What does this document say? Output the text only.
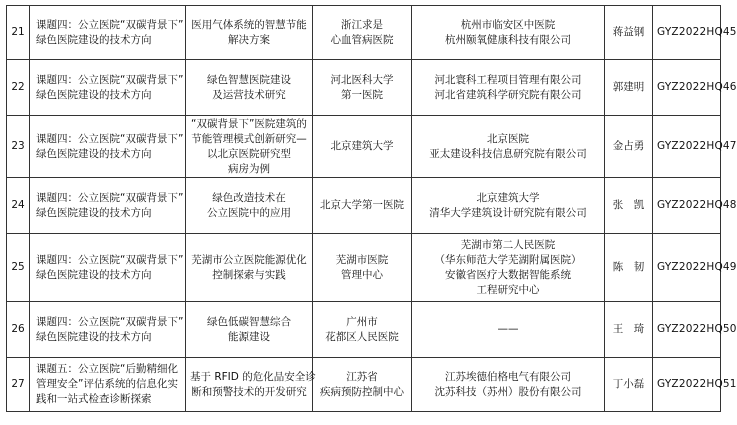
21	课题四：公立医院“双碳背景下”
绿色医院建设的技术方向	医用气体系统的智慧节能
解决方案	浙江求是
心血管病医院	杭州市临安区中医院
杭州颐氧健康科技有限公司	蒋益钢	GYZ2022HQ45
22	课题四：公立医院“双碳背景下”
绿色医院建设的技术方向	绿色智慧医院建设
及运营技术研究	河北医科大学
第一医院	河北寰科工程项目管理有限公司
河北省建筑科学研究院有限公司	郭建明	GYZ2022HQ46
23	课题四：公立医院“双碳背景下”
绿色医院建设的技术方向	“双碳背景下”医院建筑的
节能管理模式创新研究—
以北京医院研究型
病房为例	北京建筑大学	北京医院
亚太建设科技信息研究院有限公司	金占勇	GYZ2022HQ47
24	课题四：公立医院“双碳背景下”
绿色医院建设的技术方向	绿色改造技术在
公立医院中的应用	北京大学第一医院	北京建筑大学
清华大学建筑设计研究院有限公司	张　凯	GYZ2022HQ48
25	课题四：公立医院“双碳背景下”
绿色医院建设的技术方向	芜湖市公立医院能源优化
控制探索与实践	芜湖市医院
管理中心	芜湖市第二人民医院
（华东师范大学芜湖附属医院）
安徽省医疗大数据智能系统
工程研究中心	陈　韧	GYZ2022HQ49
26	课题四：公立医院“双碳背景下”
绿色医院建设的技术方向	绿色低碳智慧综合
能源建设	广州市
花都区人民医院	——	王　琦	GYZ2022HQ50
27	课题五：公立医院“后勤精细化
管理安全”评估系统的信息化实
践和一站式检查诊断探索	基于 RFID 的危化品安全诊
断和预警技术的开发研究	江苏省
疾病预防控制中心	江苏埃德伯格电气有限公司
沈苏科技（苏州）股份有限公司	丁小磊	GYZ2022HQ51
